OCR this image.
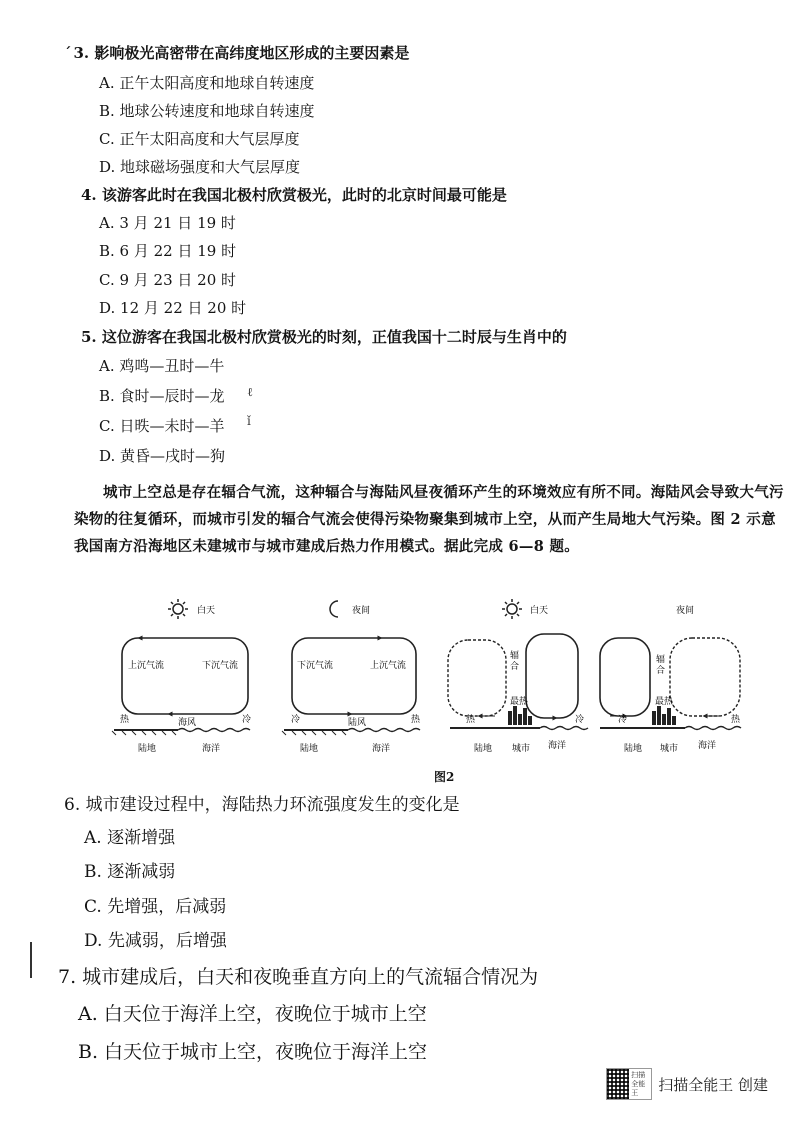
ˊ 3. 影响极光高密带在高纬度地区形成的主要因素是
A. 正午太阳高度和地球自转速度
B. 地球公转速度和地球自转速度
C. 正午太阳高度和大气层厚度
D. 地球磁场强度和大气层厚度
4. 该游客此时在我国北极村欣赏极光，此时的北京时间最可能是
A. 3 月 21 日 19 时
B. 6 月 22 日 19 时
C. 9 月 23 日 20 时
D. 12 月 22 日 20 时
5. 这位游客在我国北极村欣赏极光的时刻，正值我国十二时辰与生肖中的
A. 鸡鸣—丑时—牛
B. 食时—辰时—龙
C. 日昳—未时—羊
D. 黄昏—戌时—狗
ℓ
ǐ
城市上空总是存在辐合气流，这种辐合与海陆风昼夜循环产生的环境效应有所不同。海陆风会导致大气污染物的往复循环，而城市引发的辐合气流会使得污染物聚集到城市上空，从而产生局地大气污染。图 2 示意我国南方沿海地区未建城市与城市建成后热力作用模式。据此完成 6—8 题。
白天
上沉气流	下沉气流
海风
热	冷
陆地	海洋
夜间
下沉气流	上沉气流
陆风
冷	热
陆地	海洋
白天
辐合
最热
热	冷
陆地 城市 海洋
夜间
辐合
最热
冷	热
陆地 城市 海洋
图2
6. 城市建设过程中，海陆热力环流强度发生的变化是
A. 逐渐增强
B. 逐渐减弱
C. 先增强，后减弱
D. 先减弱，后增强
7. 城市建成后，白天和夜晚垂直方向上的气流辐合情况为
A. 白天位于海洋上空，夜晚位于城市上空
B. 白天位于城市上空，夜晚位于海洋上空
扫描全能王	扫描全能王 创建
